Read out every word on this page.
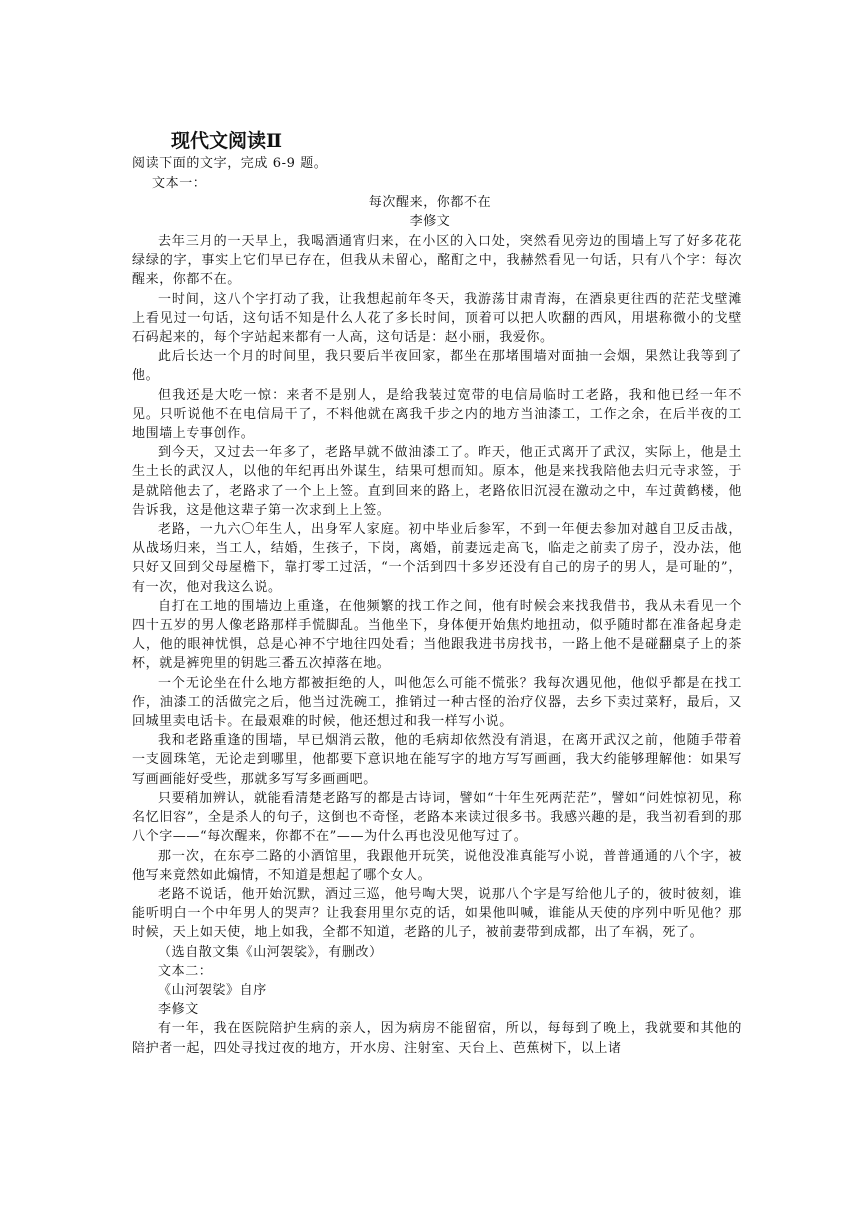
现代文阅读Ⅱ
阅读下面的文字，完成 6-9 题。
文本一：
每次醒来，你都不在
李修文

去年三月的一天早上，我喝酒通宵归来，在小区的入口处，突然看见旁边的围墙上写了好多花花绿绿的字，事实上它们早已存在，但我从未留心，酩酊之中，我赫然看见一句话，只有八个字：每次醒来，你都不在。

一时间，这八个字打动了我，让我想起前年冬天，我游荡甘肃青海，在酒泉更往西的茫茫戈壁滩上看见过一句话，这句话不知是什么人花了多长时间，顶着可以把人吹翻的西风，用堪称微小的戈壁石码起来的，每个字站起来都有一人高，这句话是：赵小丽，我爱你。

此后长达一个月的时间里，我只要后半夜回家，都坐在那堵围墙对面抽一会烟，果然让我等到了他。

但我还是大吃一惊：来者不是别人，是给我装过宽带的电信局临时工老路，我和他已经一年不见。只听说他不在电信局干了，不料他就在离我千步之内的地方当油漆工，工作之余，在后半夜的工地围墙上专事创作。

到今天，又过去一年多了，老路早就不做油漆工了。昨天，他正式离开了武汉，实际上，他是土生土长的武汉人，以他的年纪再出外谋生，结果可想而知。原本，他是来找我陪他去归元寺求签，于是就陪他去了，老路求了一个上上签。直到回来的路上，老路依旧沉浸在激动之中，车过黄鹤楼，他告诉我，这是他这辈子第一次求到上上签。

老路，一九六〇年生人，出身军人家庭。初中毕业后参军，不到一年便去参加对越自卫反击战，从战场归来，当工人，结婚，生孩子，下岗，离婚，前妻远走高飞，临走之前卖了房子，没办法，他只好又回到父母屋檐下，靠打零工过活，“一个活到四十多岁还没有自己的房子的男人，是可耻的”，有一次，他对我这么说。

自打在工地的围墙边上重逢，在他频繁的找工作之间，他有时候会来找我借书，我从未看见一个四十五岁的男人像老路那样手慌脚乱。当他坐下，身体便开始焦灼地扭动，似乎随时都在准备起身走人，他的眼神忧惧，总是心神不宁地往四处看；当他跟我进书房找书，一路上他不是碰翻桌子上的茶杯，就是裤兜里的钥匙三番五次掉落在地。

一个无论坐在什么地方都被拒绝的人，叫他怎么可能不慌张？我每次遇见他，他似乎都是在找工作，油漆工的活做完之后，他当过洗碗工，推销过一种古怪的治疗仪器，去乡下卖过菜籽，最后，又回城里卖电话卡。在最艰难的时候，他还想过和我一样写小说。

我和老路重逢的围墙，早已烟消云散，他的毛病却依然没有消退，在离开武汉之前，他随手带着一支圆珠笔，无论走到哪里，他都要下意识地在能写字的地方写写画画，我大约能够理解他：如果写写画画能好受些，那就多写写多画画吧。

只要稍加辨认，就能看清楚老路写的都是古诗词，譬如“十年生死两茫茫”，譬如“问姓惊初见，称名忆旧容”，全是杀人的句子，这倒也不奇怪，老路本来读过很多书。我感兴趣的是，我当初看到的那八个字——“每次醒来，你都不在”——为什么再也没见他写过了。

那一次，在东亭二路的小酒馆里，我跟他开玩笑，说他没准真能写小说，普普通通的八个字，被他写来竟然如此煽情，不知道是想起了哪个女人。

老路不说话，他开始沉默，酒过三巡，他号啕大哭，说那八个字是写给他儿子的，彼时彼刻，谁能听明白一个中年男人的哭声？让我套用里尔克的话，如果他叫喊，谁能从天使的序列中听见他？那时候，天上如天使，地上如我，全都不知道，老路的儿子，被前妻带到成都，出了车祸，死了。

（选自散文集《山河袈裟》，有删改）

文本二：

《山河袈裟》自序

李修文

有一年，我在医院陪护生病的亲人，因为病房不能留宿，所以，每每到了晚上，我就要和其他的陪护者一起，四处寻找过夜的地方，开水房、注射室、天台上、芭蕉树下，以上诸
